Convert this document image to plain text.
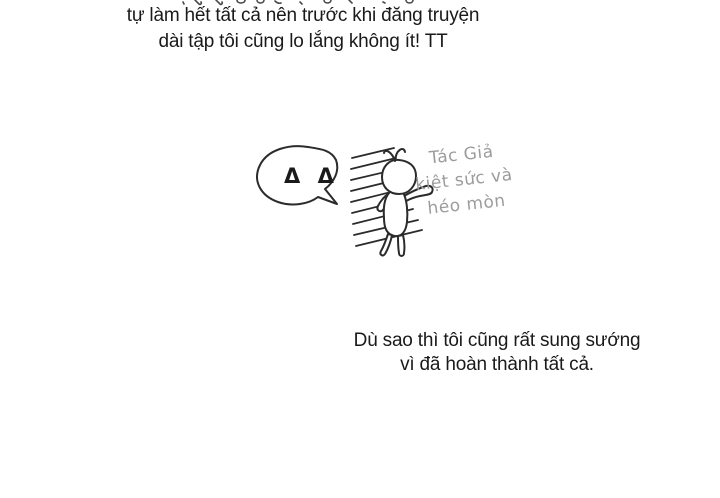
tự làm hết tất cả nên trước khi đăng truyện
dài tập tôi cũng lo lắng không ít! TT
Δ Δ
Tác Giả
kiệt sức và
héo mòn
Dù sao thì tôi cũng rất sung sướng
vì đã hoàn thành tất cả.
